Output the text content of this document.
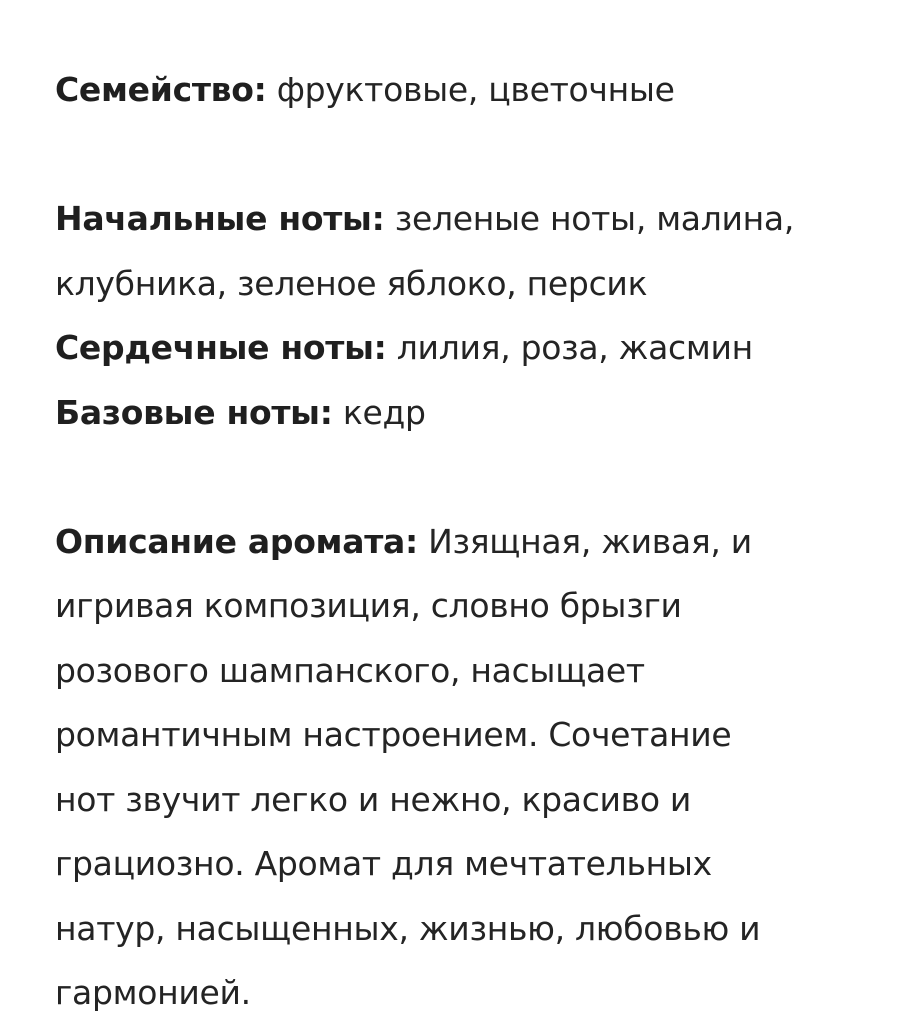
Семейство: фруктовые, цветочные

Начальные ноты: зеленые ноты, малина,
клубника, зеленое яблоко, персик
Сердечные ноты: лилия, роза, жасмин
Базовые ноты: кедр

Описание аромата: Изящная, живая, и
игривая композиция, словно брызги
розового шампанского, насыщает
романтичным настроением. Сочетание
нот звучит легко и нежно, красиво и
грациозно. Аромат для мечтательных
натур, насыщенных, жизнью, любовью и
гармонией.
